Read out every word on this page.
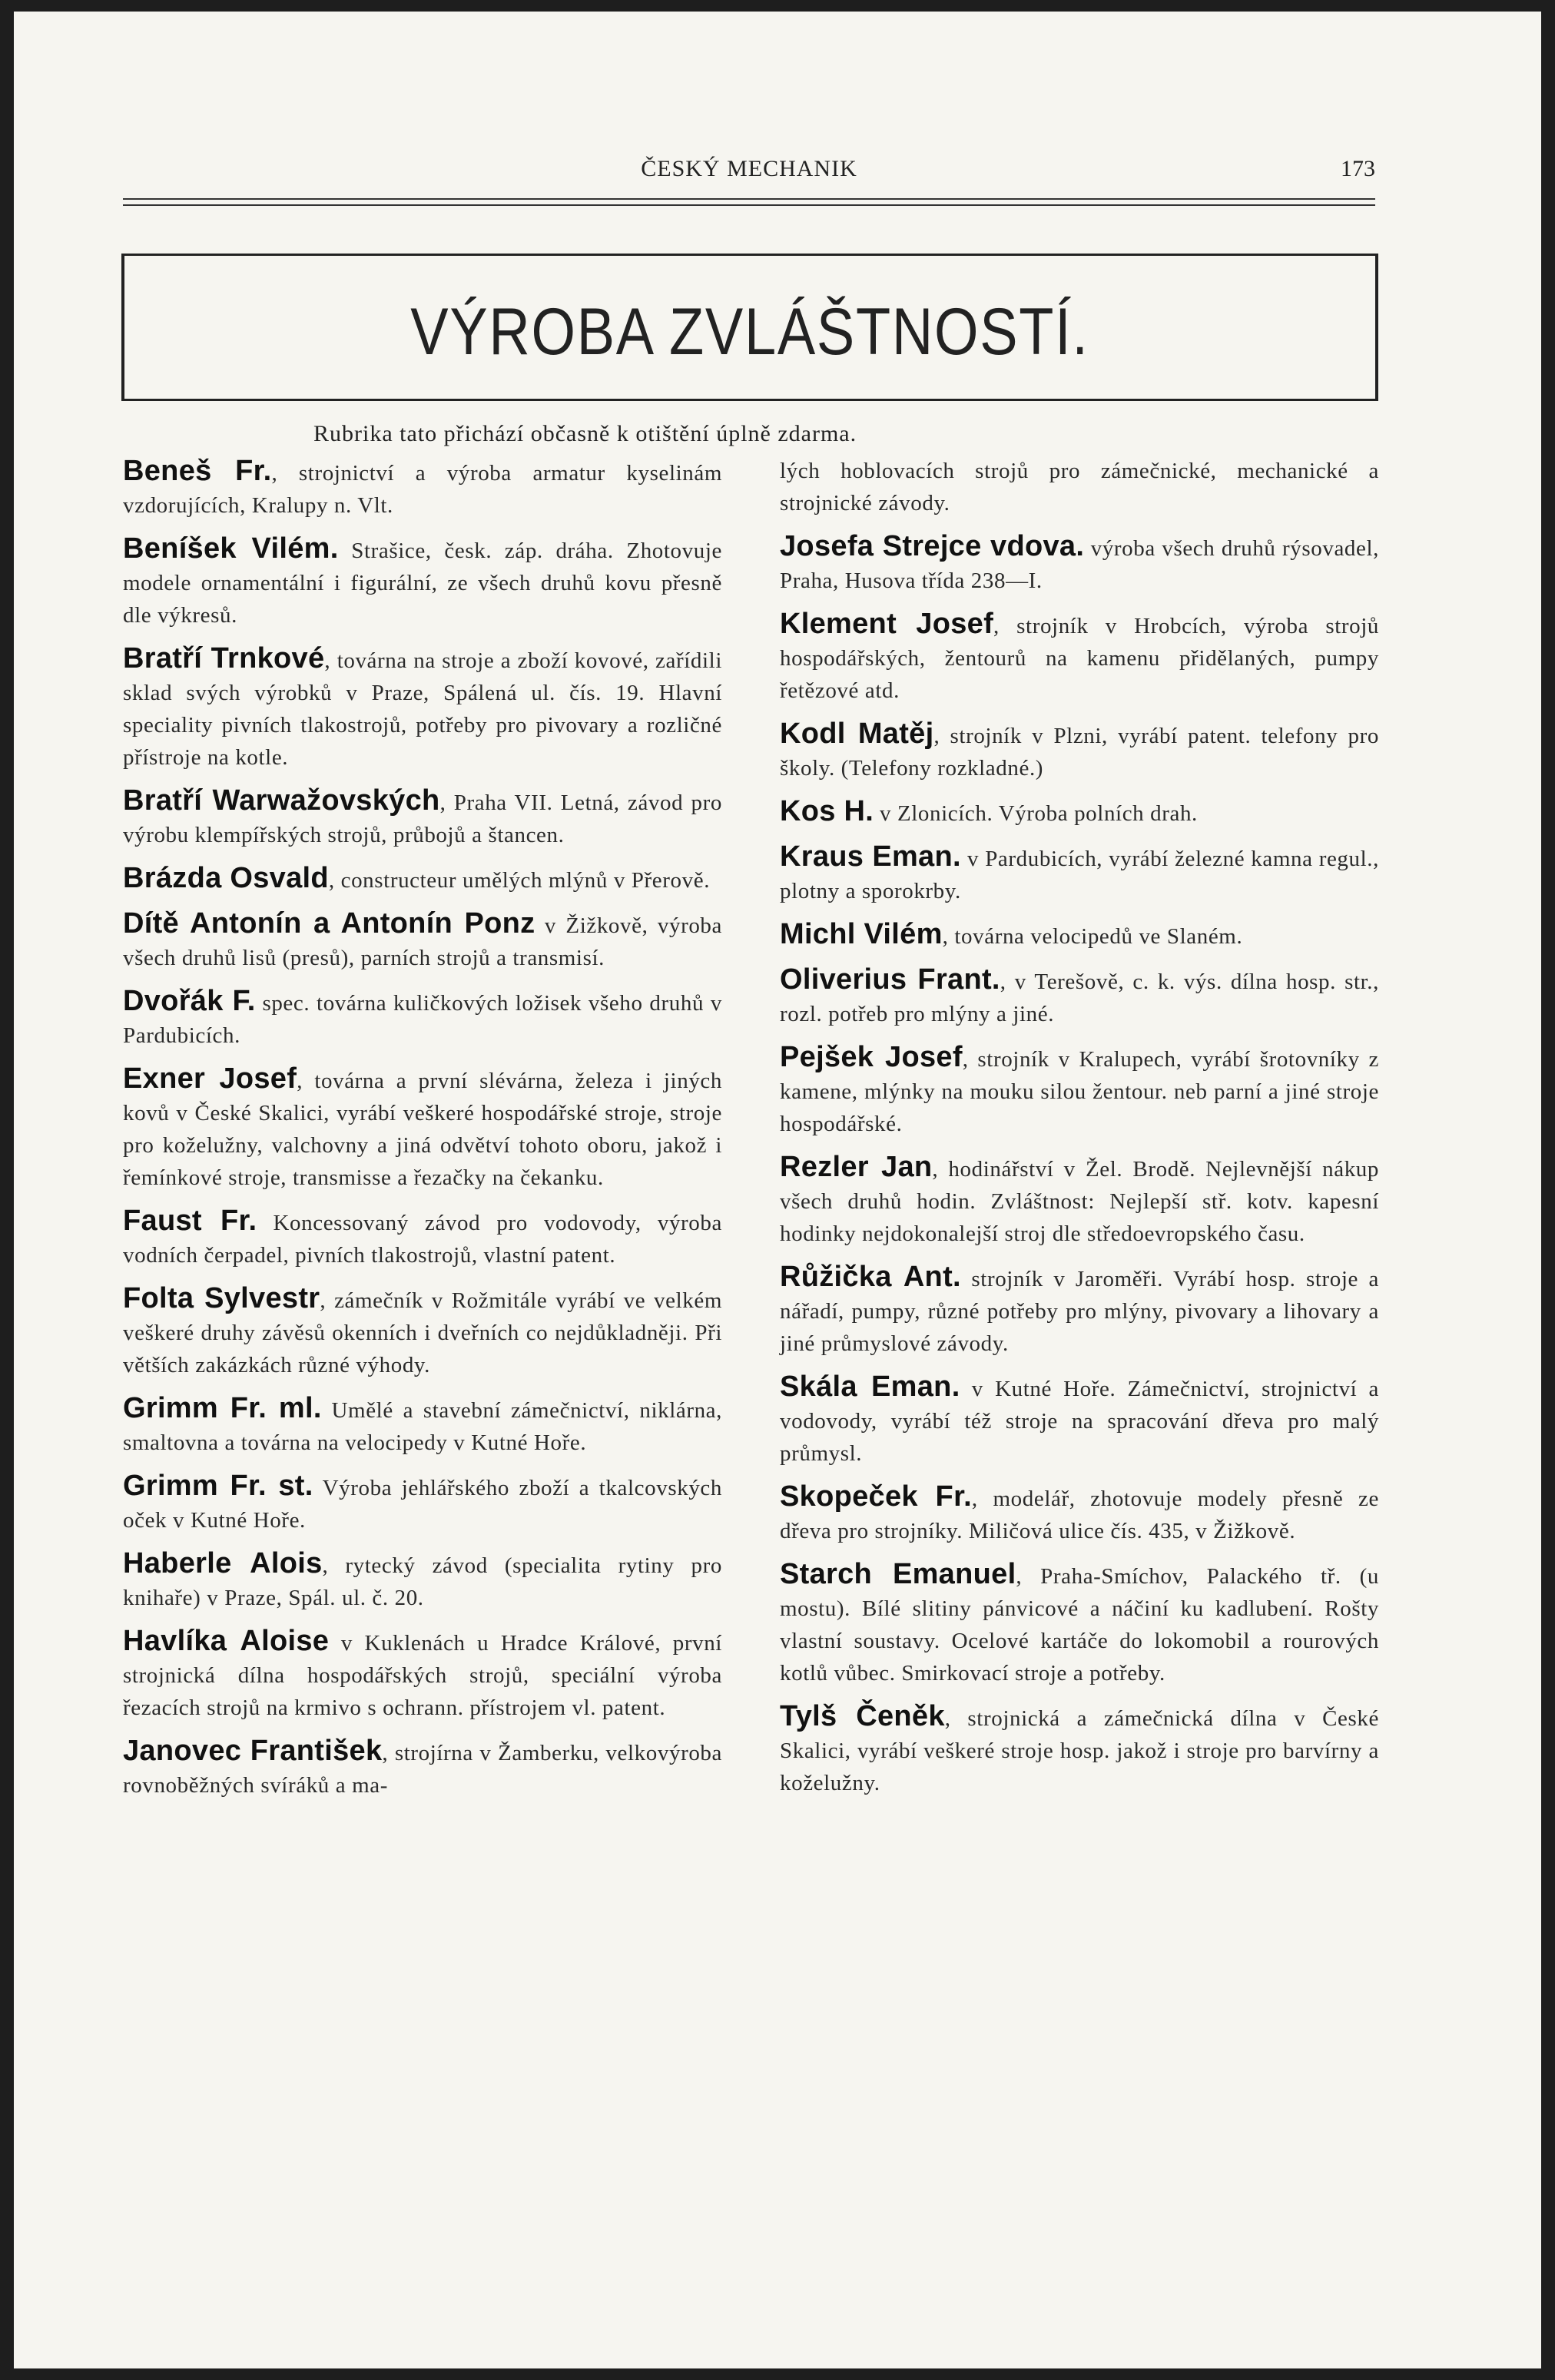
ČESKÝ MECHANIK	173
VÝROBA ZVLÁŠTNOSTÍ.
Rubrika tato přichází občasně k otištění úplně zdarma.
Beneš Fr., strojnictví a výroba armatur kyselinám vzdorujících, Kralupy n. Vlt.
Beníšek Vilém. Strašice, česk. záp. dráha. Zhotovuje modele ornamentální i figurální, ze všech druhů kovu přesně dle výkresů.
Bratří Trnkové, továrna na stroje a zboží kovové, zařídili sklad svých výrobků v Praze, Spálená ul. čís. 19. Hlavní speciality pivních tlakostrojů, potřeby pro pivovary a rozličné přístroje na kotle.
Bratří Warwažovských, Praha VII. Letná, závod pro výrobu klempířských strojů, průbojů a štancen.
Brázda Osvald, constructeur umělých mlýnů v Přerově.
Dítě Antonín a Antonín Ponz v Žižkově, výroba všech druhů lisů (presů), parních strojů a transmisí.
Dvořák F. spec. továrna kuličkových ložisek všeho druhů v Pardubicích.
Exner Josef, továrna a první slévárna, železa i jiných kovů v České Skalici, vyrábí veškeré hospodářské stroje, stroje pro koželužny, valchovny a jiná odvětví tohoto oboru, jakož i řemínkové stroje, transmisse a řezačky na čekanku.
Faust Fr. Koncessovaný závod pro vodovody, výroba vodních čerpadel, pivních tlakostrojů, vlastní patent.
Folta Sylvestr, zámečník v Rožmitále vyrábí ve velkém veškeré druhy závěsů okenních i dveřních co nejdůkladněji. Při větších zakázkách různé výhody.
Grimm Fr. ml. Umělé a stavební zámečnictví, niklárna, smaltovna a továrna na velocipedy v Kutné Hoře.
Grimm Fr. st. Výroba jehlářského zboží a tkalcovských oček v Kutné Hoře.
Haberle Alois, rytecký závod (specialita rytiny pro knihaře) v Praze, Spál. ul. č. 20.
Havlíka Aloise v Kuklenách u Hradce Králové, první strojnická dílna hospodářských strojů, speciální výroba řezacích strojů na krmivo s ochrann. přístrojem vl. patent.
Janovec František, strojírna v Žamberku, velkovýroba rovnoběžných svíráků a ma-
lých hoblovacích strojů pro zámečnické, mechanické a strojnické závody.
Josefa Strejce vdova. výroba všech druhů rýsovadel, Praha, Husova třída 238—I.
Klement Josef, strojník v Hrobcích, výroba strojů hospodářských, žentourů na kamenu přidělaných, pumpy řetězové atd.
Kodl Matěj, strojník v Plzni, vyrábí patent. telefony pro školy. (Telefony rozkladné.)
Kos H. v Zlonicích. Výroba polních drah.
Kraus Eman. v Pardubicích, vyrábí železné kamna regul., plotny a sporokrby.
Michl Vilém, továrna velocipedů ve Slaném.
Oliverius Frant., v Terešově, c. k. výs. dílna hosp. str., rozl. potřeb pro mlýny a jiné.
Pejšek Josef, strojník v Kralupech, vyrábí šrotovníky z kamene, mlýnky na mouku silou žentour. neb parní a jiné stroje hospodářské.
Rezler Jan, hodinářství v Žel. Brodě. Nejlevnější nákup všech druhů hodin. Zvláštnost: Nejlepší stř. kotv. kapesní hodinky nejdokonalejší stroj dle středoevropského času.
Růžička Ant. strojník v Jaroměři. Vyrábí hosp. stroje a nářadí, pumpy, různé potřeby pro mlýny, pivovary a lihovary a jiné průmyslové závody.
Skála Eman. v Kutné Hoře. Zámečnictví, strojnictví a vodovody, vyrábí též stroje na spracování dřeva pro malý průmysl.
Skopeček Fr., modelář, zhotovuje modely přesně ze dřeva pro strojníky. Miličová ulice čís. 435, v Žižkově.
Starch Emanuel, Praha-Smíchov, Palackého tř. (u mostu). Bílé slitiny pánvicové a náčiní ku kadlubení. Rošty vlastní soustavy. Ocelové kartáče do lokomobil a rourových kotlů vůbec. Smirkovací stroje a potřeby.
Tylš Čeněk, strojnická a zámečnická dílna v České Skalici, vyrábí veškeré stroje hosp. jakož i stroje pro barvírny a koželužny.
